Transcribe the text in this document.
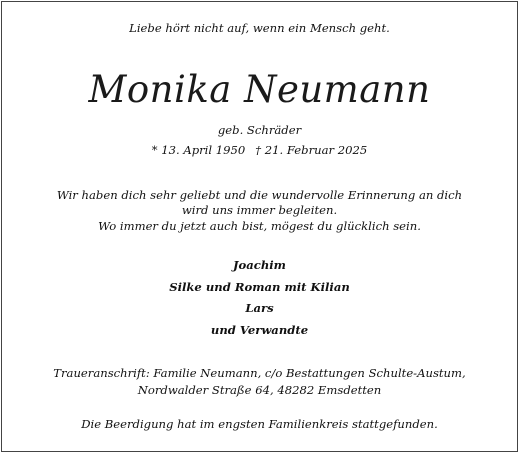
Liebe hört nicht auf, wenn ein Mensch geht.
Monika Neumann
geb. Schräder
* 13. April 1950 † 21. Februar 2025
Wir haben dich sehr geliebt und die wundervolle Erinnerung an dich
wird uns immer begleiten.
Wo immer du jetzt auch bist, mögest du glücklich sein.
Joachim
Silke und Roman mit Kilian
Lars
und Verwandte
Traueranschrift: Familie Neumann, c/o Bestattungen Schulte-Austum,
Nordwalder Straße 64, 48282 Emsdetten
Die Beerdigung hat im engsten Familienkreis stattgefunden.
